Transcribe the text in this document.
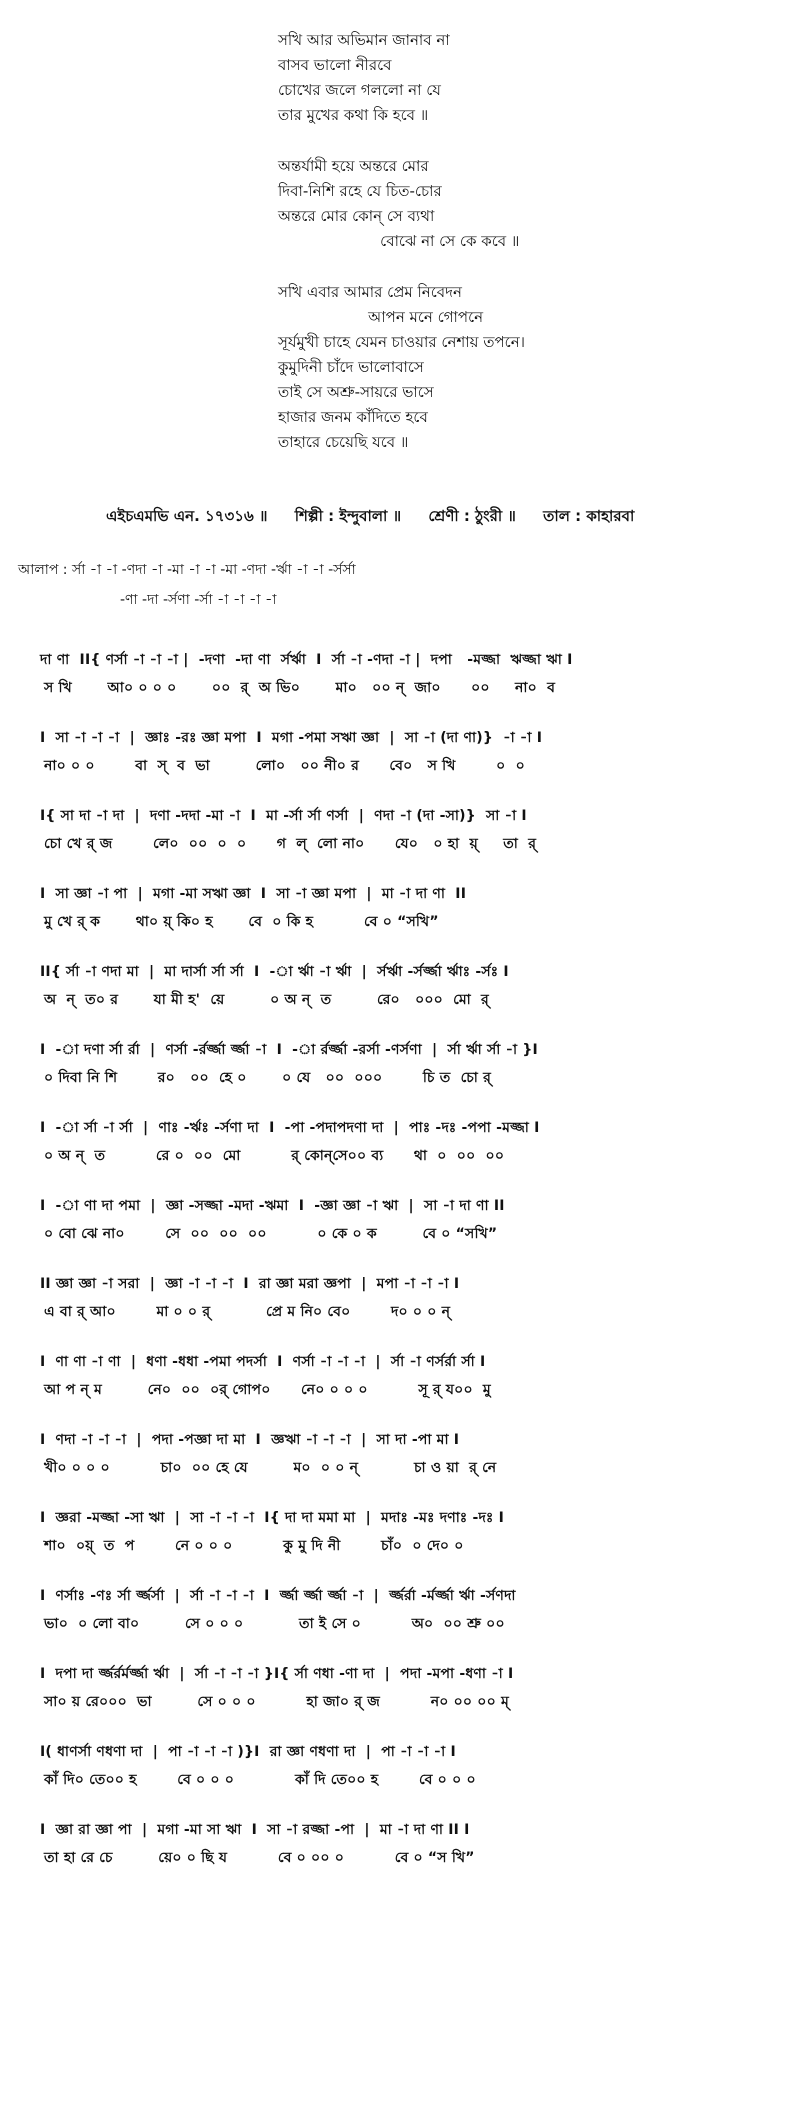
সখি আর অভিমান জানাব না
বাসব ভালো নীরবে
চোখের জলে গললো না যে
তার মুখের কথা কি হবে ॥
অন্তর্যামী হয়ে অন্তরে মোর
দিবা-নিশি রহে যে চিত-চোর
অন্তরে মোর কোন্‌ সে ব্যথা
বোঝে না সে কে কবে ॥
সখি এবার আমার প্রেম নিবেদন
আপন মনে গোপনে
সূর্যমুখী চাহে যেমন চাওয়ার নেশায় তপনে।
কুমুদিনী চাঁদে ভালোবাসে
তাই সে অশ্রু-সায়রে ভাসে
হাজার জনম কাঁদিতে হবে
তাহারে চেয়েছি যবে ॥
এইচএমভি এন. ১৭৩১৬ ॥ শিল্পী : ইন্দুবালা ॥ শ্রেণী : ঠুংরী ॥ তাল : কাহারবা
আলাপ : র্সা -া -া -ণদা -া -মা -া -া -মা -ণদা -র্ঋা -া -া -র্সর্সা
-ণা -দা -র্সণা -র্সা -া -া -া -া
দা ণা  II{ ণর্সা -া -া -া |  -দণা  -দা ণা  র্সর্ঋা  I  র্সা -া -ণদা -া |  দপা   -মজ্জা  ঋজ্জা ঋা I
স খি       আ০ ০ ০ ০       ০০  র্‌  অ ভি০       মা০   ০০ ন্‌  জা০      ০০     না০  ব
I  সা -া -া -া  |  জ্ঞাঃ -রঃ জ্ঞা মপা  I  মগা -পমা সঋা জ্ঞা  |  সা -া (দা ণা)}  -া -া I
না০ ০ ০        বা  স্‌  ব  ভা         লো০   ০০ নী০ র      বে০   স খি        ০  ০
I{ সা দা -া দা  |  দণা -দদা -মা -া  I  মা -র্সা র্সা ণর্সা  |  ণদা -া (দা -সা)}  সা -া I
চো খে র্‌ জ        লে০  ০০  ০  ০      গ  ল্‌  লো না০      যে০   ০ হা  য়্‌     তা  র্‌
I  সা জ্ঞা -া পা  |  মগা -মা সঋা জ্ঞা  I  সা -া জ্ঞা মপা  |  মা -া দা ণা  II
মু খে র্‌ ক       থা০ য়্‌ কি০ হ       বে  ০ কি হ          বে ০ “সখি”
II{ র্সা -া ণদা মা  |  মা দার্সা র্সা র্সা  I  -া র্ঋা -া র্ঋা  |  র্সর্ঋা -র্সর্জ্জা র্ঋাঃ -র্সঃ I
অ  ন্‌  ত০ র       যা মী হ'  য়ে         ০ অ ন্‌  ত         রে০   ০০০  মো  র্‌
I  -া দণা র্সা র্রা  |  ণর্সা -র্রর্জ্জা র্জ্জা -া  I  -া র্রর্জ্জা -রর্সা -ণর্সণা  |  র্সা র্ঋা র্সা -া }I
০ দিবা নি শি        র০   ০০  হে ০       ০ যে   ০০  ০০০        চি ত  চো র্‌
I  -া র্সা -া র্সা  |  ণাঃ -র্ঋঃ -র্সণা দা  I  -পা -পদাপদণা দা  |  পাঃ -দঃ -পপা -মজ্জা I
০ অ ন্‌  ত          রে ০  ০০  মো          র্‌ কোন্‌সে০০ ব্য      থা  ০  ০০  ০০
I  -া ণা দা পমা  |  জ্ঞা -সজ্জা -মদা -ঋমা  I  -জ্ঞা জ্ঞা -া ঋা  |  সা -া দা ণা II
০ বো ঝে না০        সে  ০০  ০০  ০০          ০ কে ০ ক         বে ০ “সখি”
II জ্ঞা জ্ঞা -া সরা  |  জ্ঞা -া -া -া  I  রা জ্ঞা মরা জ্ঞপা  |  মপা -া -া -া I
এ বা র্‌ আ০        মা ০ ০ র্‌           প্রে ম নি০ বে০        দ০ ০ ০ ন্‌
I  ণা ণা -া ণা  |  ধণা -ধধা -পমা পদর্সা  I  ণর্সা -া -া -া  |  র্সা -া ণর্সর্রা র্সা I
আ প ন্‌ ম         নে০  ০০  ০র্‌ গোপ০      নে০ ০ ০ ০          সূ র্‌ য০০  মু
I  ণদা -া -া -া  |  পদা -পজ্ঞা দা মা  I  জ্ঞঋা -া -া -া  |  সা দা -পা মা I
খী০ ০ ০ ০          চা০  ০০ হে যে         ম০  ০ ০ ন্‌           চা ও য়া  র্‌ নে
I  জ্ঞরা -মজ্জা -সা ঋা  |  সা -া -া -া  I{ দা দা মমা মা  |  মদাঃ -মঃ দণাঃ -দঃ I
শা০  ০য়্‌  ত  প        নে ০ ০ ০          কু মু দি নী        চাঁ০  ০ দে০ ০
I  ণর্সাঃ -ণঃ র্সা র্জ্জর্সা  |  র্সা -া -া -া  I  র্জ্জা র্জ্জা র্জ্জা -া  |  র্জ্জর্রা -র্মর্জ্জা র্ঋা -র্সণদা
ভা০  ০ লো বা০         সে ০ ০ ০           তা ই সে ০          অ০  ০০ শ্রু ০০
I  দপা দা র্জ্জর্রর্মর্জ্জা র্ঋা  |  র্সা -া -া -া }I{ র্সা ণধা -ণা দা  |  পদা -মপা -ধণা -া I
সা০ য় রে০০০  ভা         সে ০ ০ ০          হা জা০ র্‌ জ          ন০ ০০ ০০ ম্‌
I( ধাণর্সা ণধণা দা  |  পা -া -া -া )}I  রা জ্ঞা ণধণা দা  |  পা -া -া -া I
কাঁ দি০ তে০০ হ        বে ০ ০ ০            কাঁ দি তে০০ হ        বে ০ ০ ০
I  জ্ঞা রা জ্ঞা পা  |  মগা -মা সা ঋা  I  সা -া রজ্জা -পা  |  মা -া দা ণা II I
তা হা রে চে         য়ে০ ০ ছি য          বে ০ ০০ ০          বে ০ “স খি”
